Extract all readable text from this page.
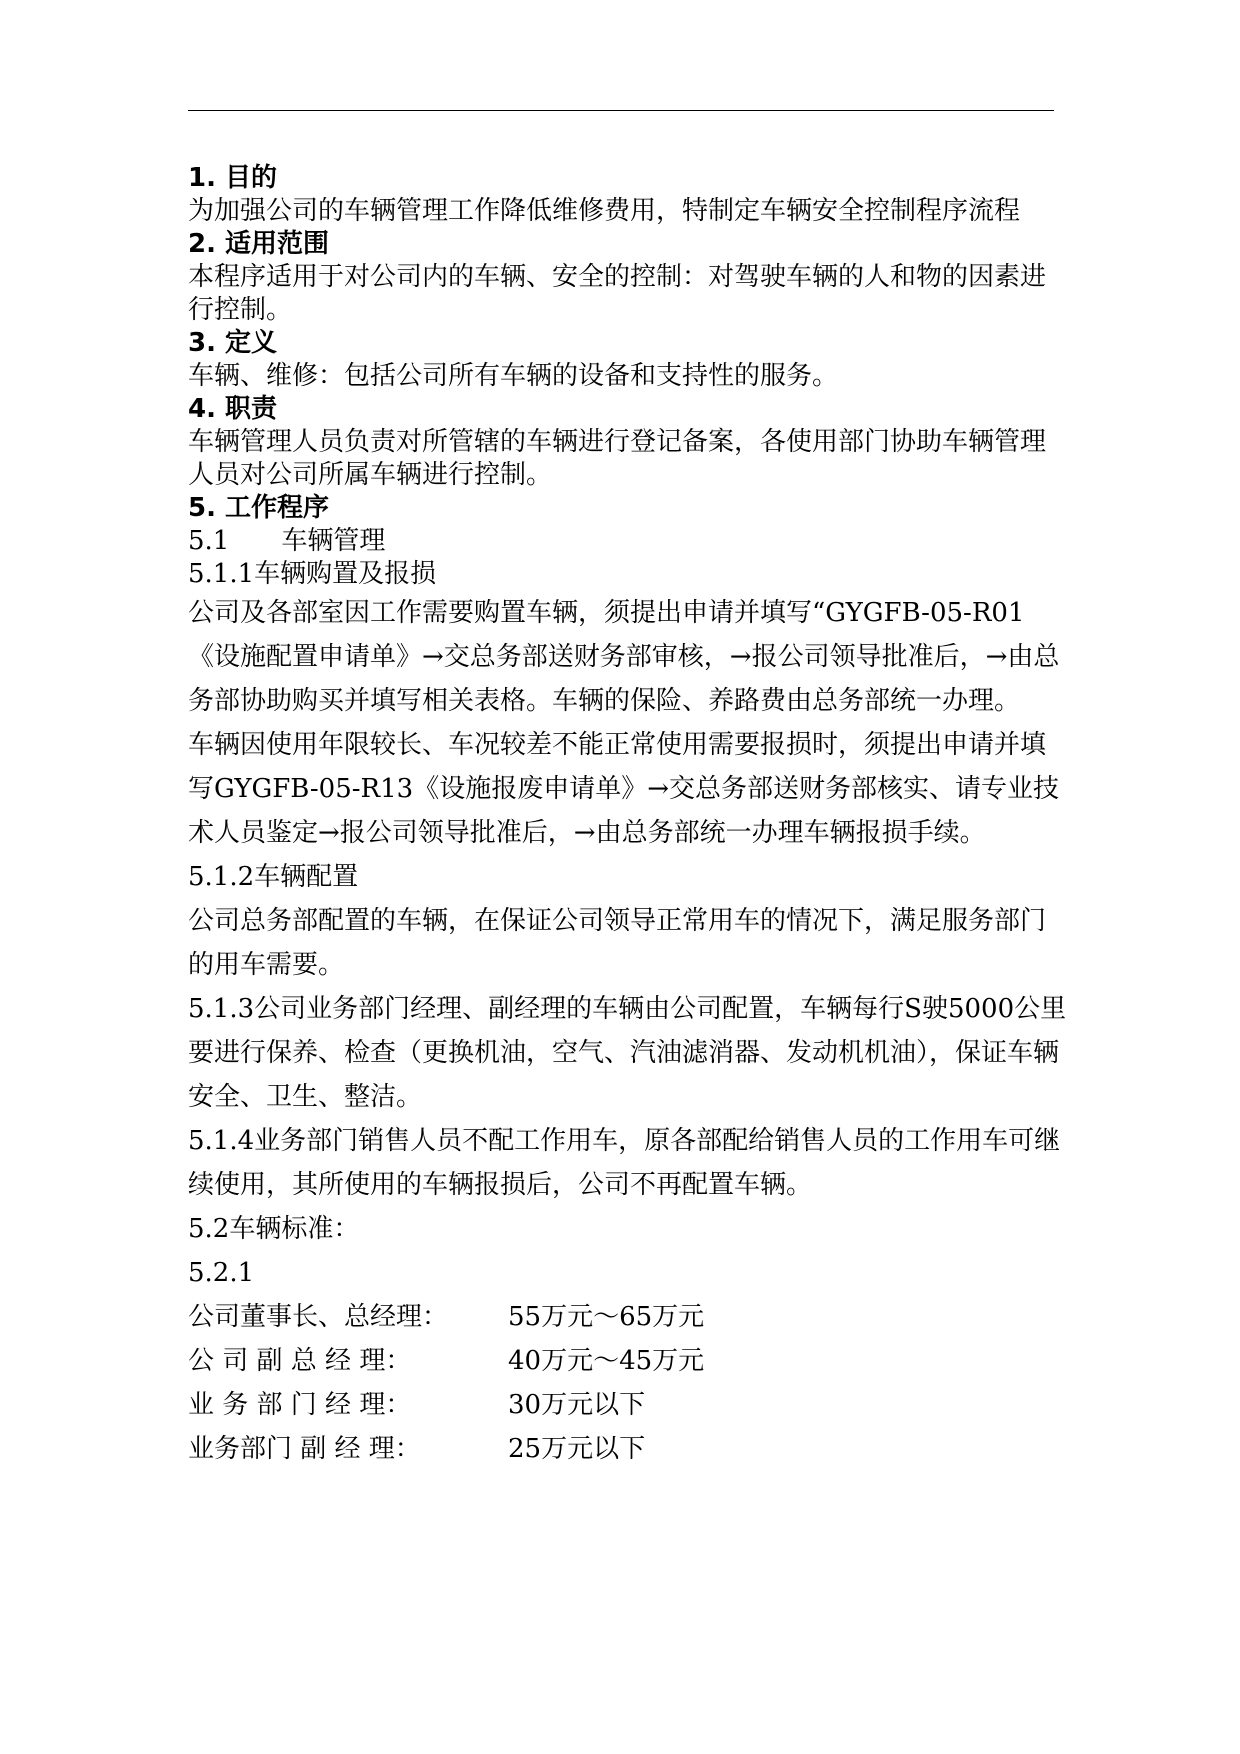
1. 目的

为加强公司的车辆管理工作降低维修费用，特制定车辆安全控制程序流程

2. 适用范围

本程序适用于对公司内的车辆、安全的控制：对驾驶车辆的人和物的因素进行控制。

3. 定义

车辆、维修：包括公司所有车辆的设备和支持性的服务。

4. 职责

车辆管理人员负责对所管辖的车辆进行登记备案，各使用部门协助车辆管理人员对公司所属车辆进行控制。

5. 工作程序
5.1　　车辆管理
5.1.1车辆购置及报损

公司及各部室因工作需要购置车辆，须提出申请并填写“GYGFB-05-R01《设施配置申请单》→交总务部送财务部审核，→报公司领导批准后，→由总务部协助购买并填写相关表格。车辆的保险、养路费由总务部统一办理。

车辆因使用年限较长、车况较差不能正常使用需要报损时，须提出申请并填写GYGFB-05-R13《设施报废申请单》→交总务部送财务部核实、请专业技术人员鉴定→报公司领导批准后，→由总务部统一办理车辆报损手续。

5.1.2车辆配置

公司总务部配置的车辆，在保证公司领导正常用车的情况下，满足服务部门的用车需要。

5.1.3公司业务部门经理、副经理的车辆由公司配置，车辆每行S驶5000公里要进行保养、检查（更换机油，空气、汽油滤消器、发动机机油），保证车辆安全、卫生、整洁。

5.1.4业务部门销售人员不配工作用车，原各部配给销售人员的工作用车可继续使用，其所使用的车辆报损后，公司不再配置车辆。

5.2车辆标准：
5.2.1
公司董事长、总经理：	55万元～65万元
公 司 副 总 经 理：	40万元～45万元
业 务 部 门 经 理：	30万元以下
业务部门 副 经 理：	25万元以下
